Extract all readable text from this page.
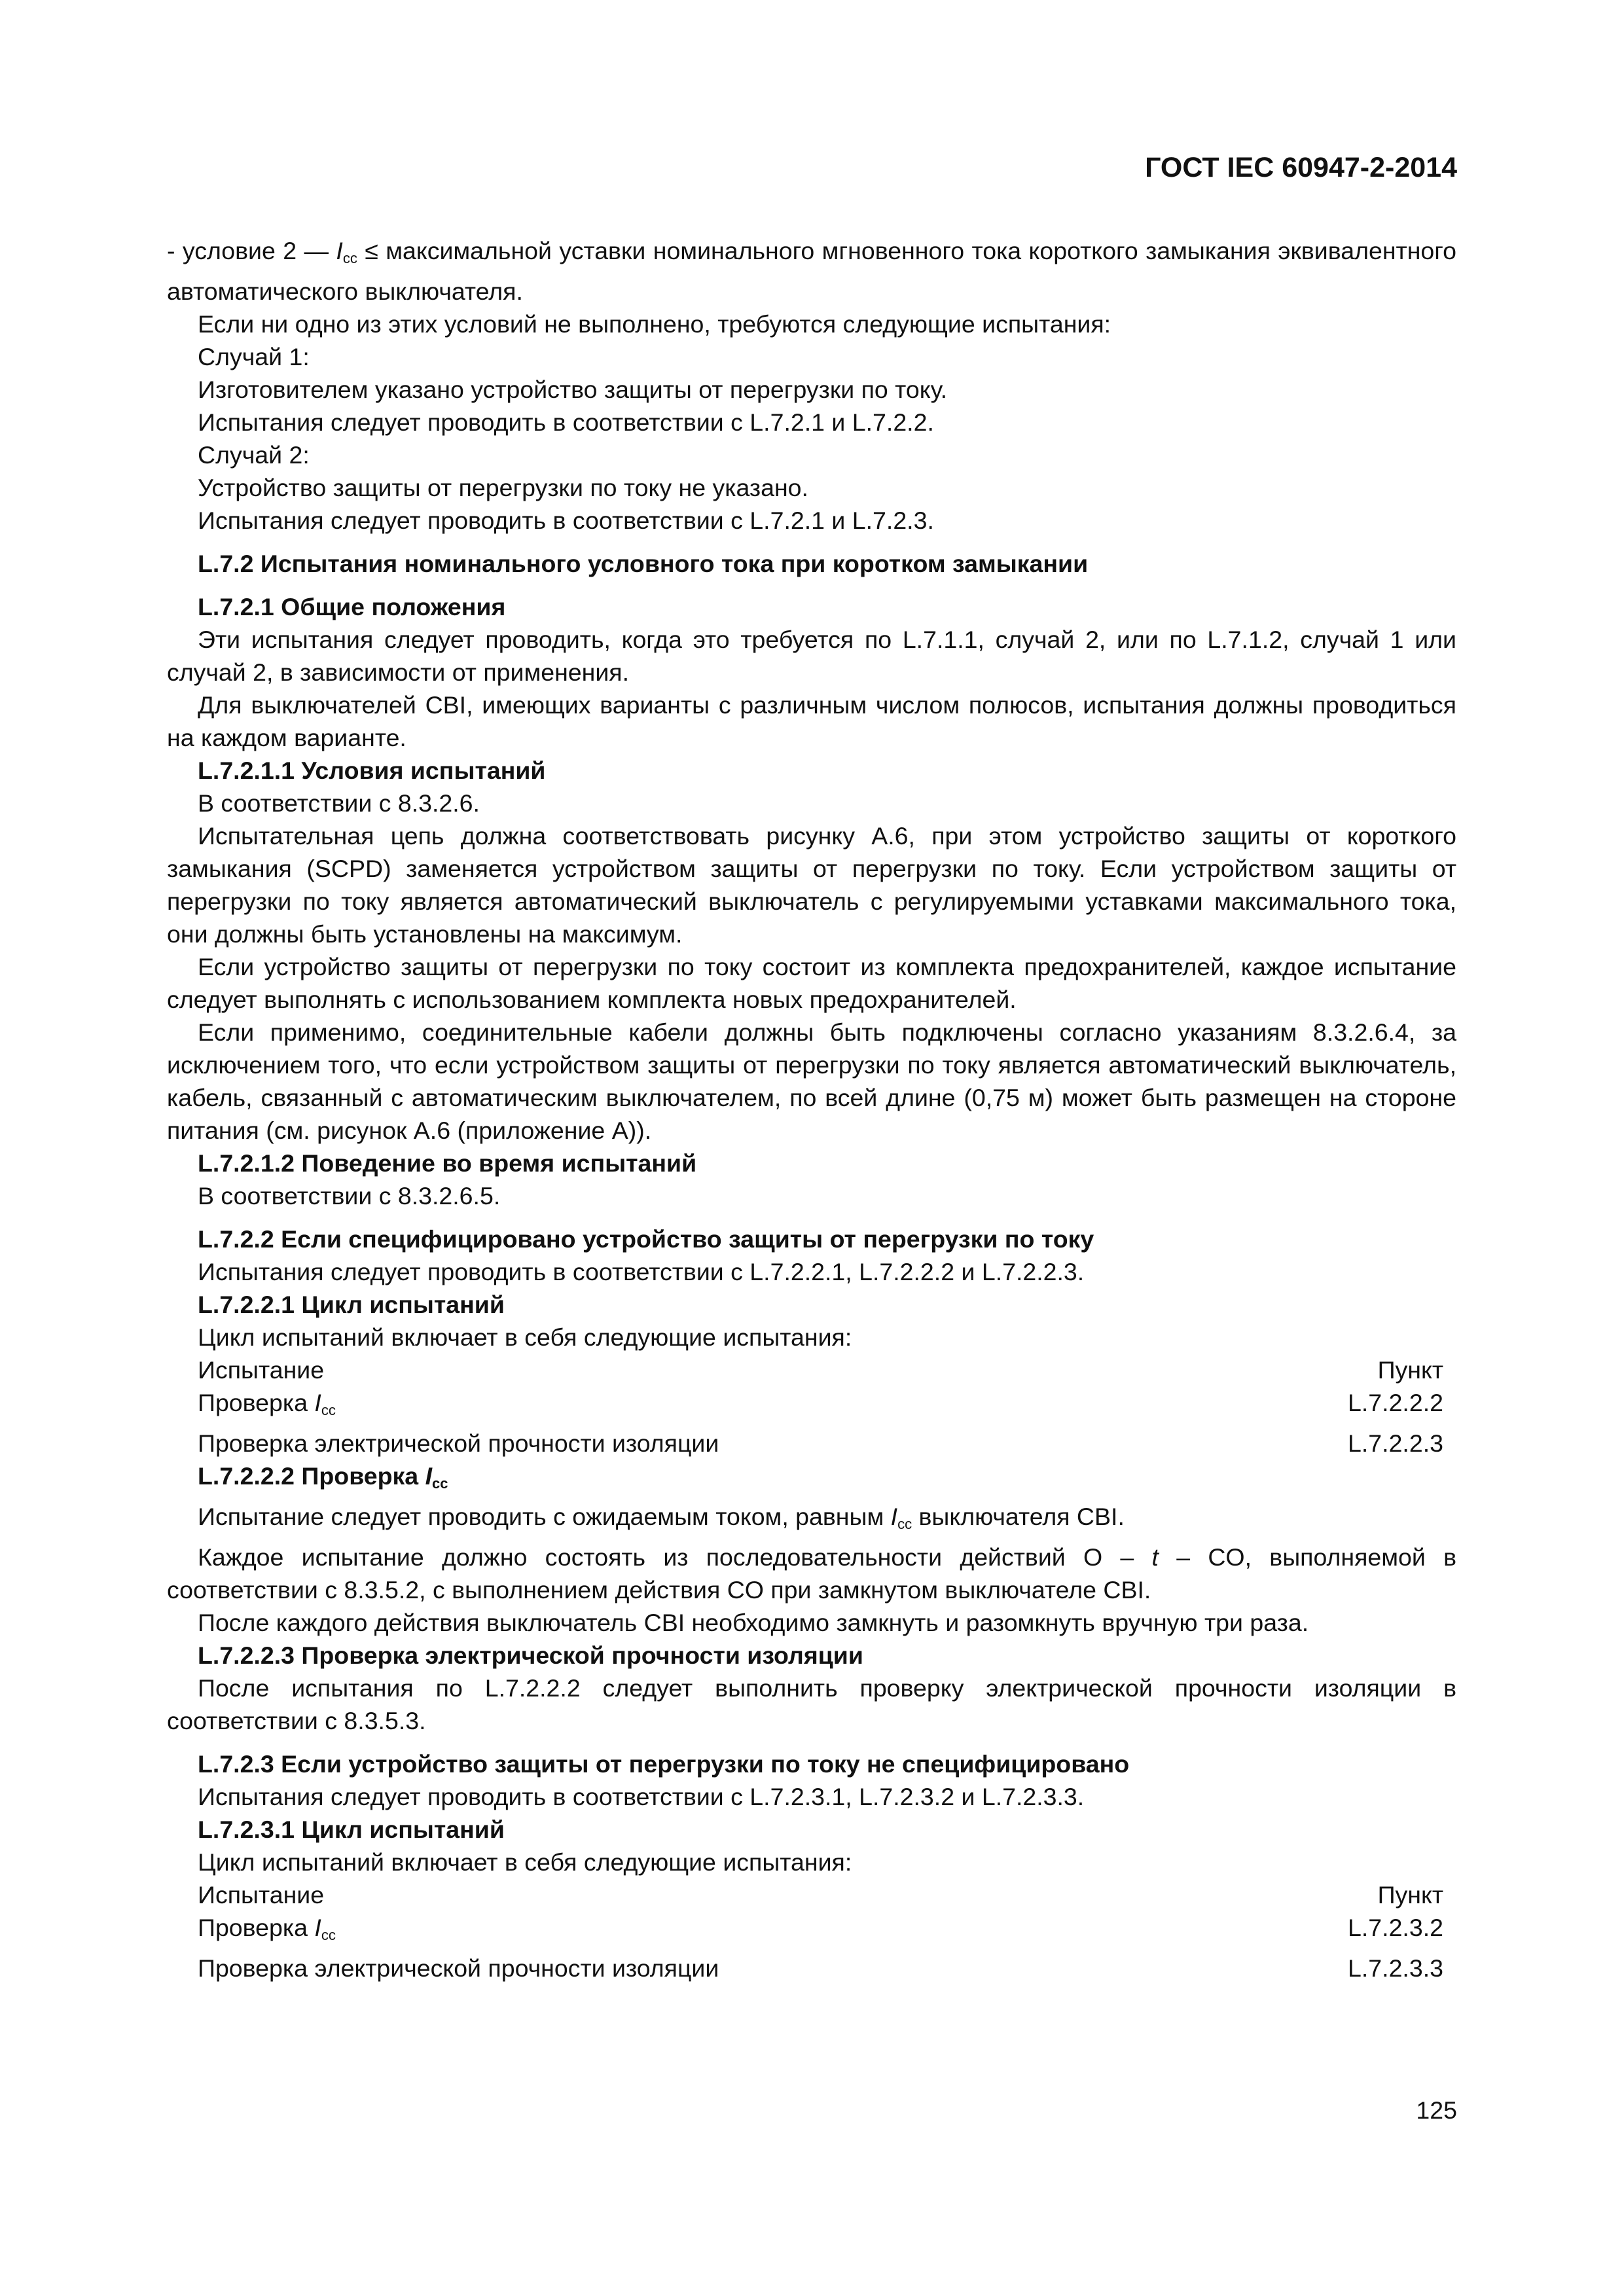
ГОСТ IEC 60947-2-2014

- условие 2 — $I_{cc}$ ≤ максимальной уставки номинального мгновенного тока короткого замыкания эквивалентного автоматического выключателя.

Если ни одно из этих условий не выполнено, требуются следующие испытания:

Случай 1:

Изготовителем указано устройство защиты от перегрузки по току.

Испытания следует проводить в соответствии с L.7.2.1 и L.7.2.2.

Случай 2:

Устройство защиты от перегрузки по току не указано.

Испытания следует проводить в соответствии с L.7.2.1 и L.7.2.3.

L.7.2 Испытания номинального условного тока при коротком замыкании

L.7.2.1 Общие положения

Эти испытания следует проводить, когда это требуется по L.7.1.1, случай 2, или по L.7.1.2, случай 1 или случай 2, в зависимости от применения.

Для выключателей CBI, имеющих варианты с различным числом полюсов, испытания должны проводиться на каждом варианте.

L.7.2.1.1 Условия испытаний

В соответствии с 8.3.2.6.

Испытательная цепь должна соответствовать рисунку A.6, при этом устройство защиты от короткого замыкания (SCPD) заменяется устройством защиты от перегрузки по току. Если устройством защиты от перегрузки по току является автоматический выключатель с регулируемыми уставками максимального тока, они должны быть установлены на максимум.

Если устройство защиты от перегрузки по току состоит из комплекта предохранителей, каждое испытание следует выполнять с использованием комплекта новых предохранителей.

Если применимо, соединительные кабели должны быть подключены согласно указаниям 8.3.2.6.4, за исключением того, что если устройством защиты от перегрузки по току является автоматический выключатель, кабель, связанный с автоматическим выключателем, по всей длине (0,75 м) может быть размещен на стороне питания (см. рисунок A.6 (приложение A)).

L.7.2.1.2 Поведение во время испытаний

В соответствии с 8.3.2.6.5.

L.7.2.2 Если специфицировано устройство защиты от перегрузки по току

Испытания следует проводить в соответствии с L.7.2.2.1, L.7.2.2.2 и L.7.2.2.3.

L.7.2.2.1 Цикл испытаний

Цикл испытаний включает в себя следующие испытания:

Испытание	Пункт
Проверка $I_{cc}$	L.7.2.2.2
Проверка электрической прочности изоляции	L.7.2.2.3

L.7.2.2.2 Проверка $I_{cc}$

Испытание следует проводить с ожидаемым током, равным $I_{cc}$ выключателя CBI.

Каждое испытание должно состоять из последовательности действий O – t – CO, выполняемой в соответствии с 8.3.5.2, с выполнением действия CO при замкнутом выключателе CBI.

После каждого действия выключатель CBI необходимо замкнуть и разомкнуть вручную три раза.

L.7.2.2.3 Проверка электрической прочности изоляции

После испытания по L.7.2.2.2 следует выполнить проверку электрической прочности изоляции в соответствии с 8.3.5.3.

L.7.2.3 Если устройство защиты от перегрузки по току не специфицировано

Испытания следует проводить в соответствии с L.7.2.3.1, L.7.2.3.2 и L.7.2.3.3.

L.7.2.3.1 Цикл испытаний

Цикл испытаний включает в себя следующие испытания:

Испытание	Пункт
Проверка $I_{cc}$	L.7.2.3.2
Проверка электрической прочности изоляции	L.7.2.3.3
125
